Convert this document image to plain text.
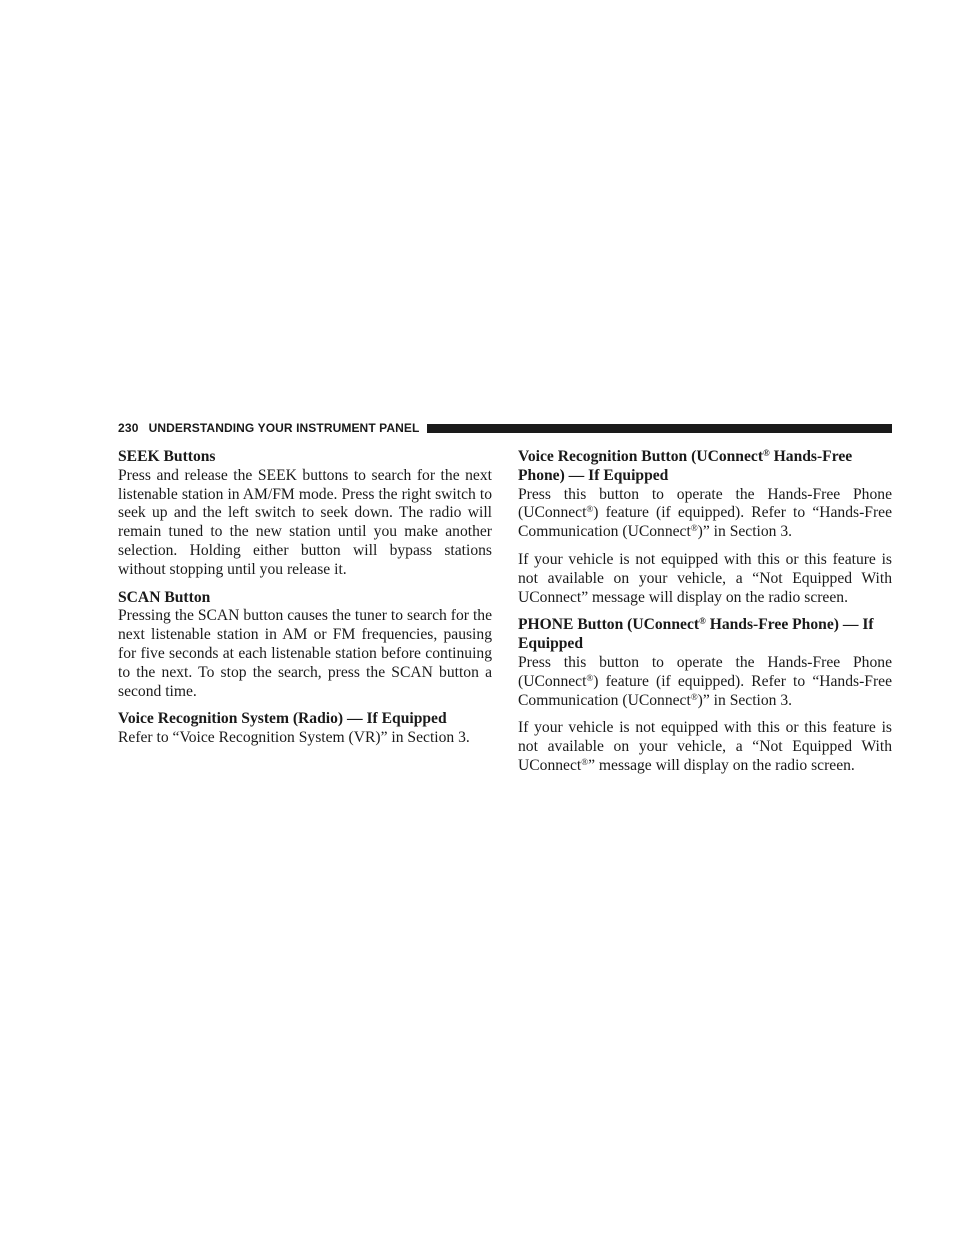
230 UNDERSTANDING YOUR INSTRUMENT PANEL

SEEK Buttons

Press and release the SEEK buttons to search for the next listenable station in AM/FM mode. Press the right switch to seek up and the left switch to seek down. The radio will remain tuned to the new station until you make another selection. Holding either button will bypass stations without stopping until you release it.

SCAN Button

Pressing the SCAN button causes the tuner to search for the next listenable station in AM or FM frequencies, pausing for five seconds at each listenable station before continuing to the next. To stop the search, press the SCAN button a second time.

Voice Recognition System (Radio) — If Equipped

Refer to “Voice Recognition System (VR)” in Section 3.

Voice Recognition Button (UConnect® Hands-Free Phone) — If Equipped

Press this button to operate the Hands-Free Phone (UConnect®) feature (if equipped). Refer to “Hands-Free Communication (UConnect®)” in Section 3.

If your vehicle is not equipped with this or this feature is not available on your vehicle, a “Not Equipped With UConnect” message will display on the radio screen.

PHONE Button (UConnect® Hands-Free Phone) — If Equipped

Press this button to operate the Hands-Free Phone (UConnect®) feature (if equipped). Refer to “Hands-Free Communication (UConnect®)” in Section 3.

If your vehicle is not equipped with this or this feature is not available on your vehicle, a “Not Equipped With UConnect®” message will display on the radio screen.
